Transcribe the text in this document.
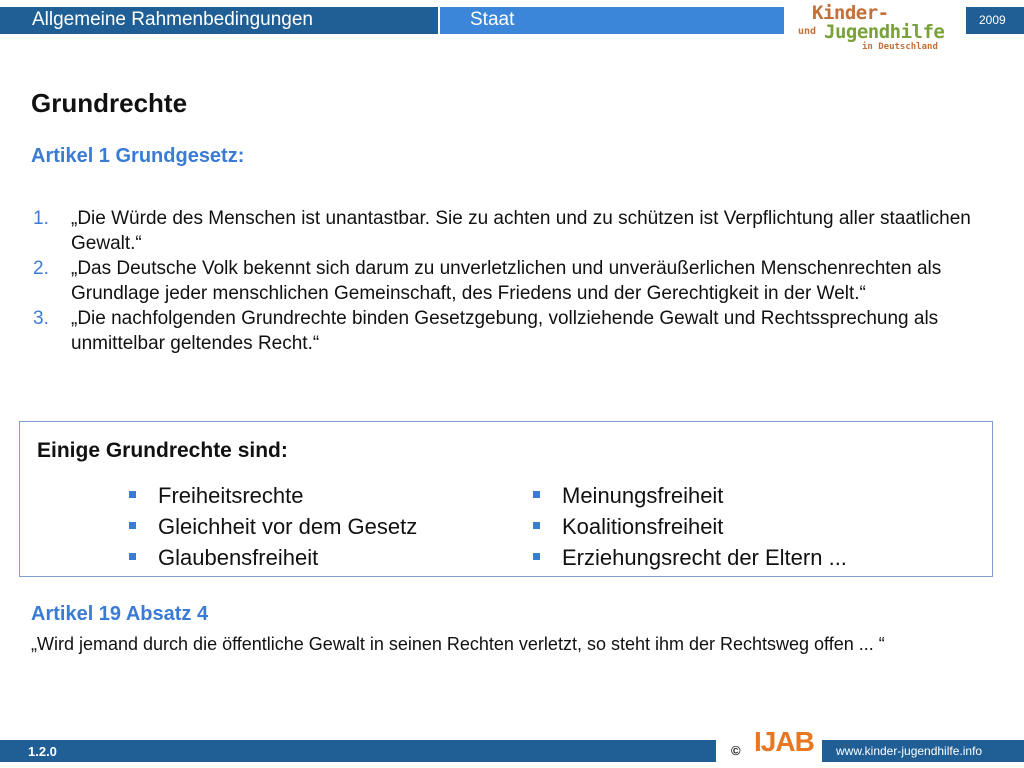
Allgemeine Rahmenbedingungen	Staat	Kinder-
und Jugendhilfe
in Deutschland
2009
Grundrechte
Artikel 1 Grundgesetz:
1. „Die Würde des Menschen ist unantastbar. Sie zu achten und zu schützen ist Verpflichtung aller staatlichen Gewalt.“
2. „Das Deutsche Volk bekennt sich darum zu unverletzlichen und unveräußerlichen Menschenrechten als Grundlage jeder menschlichen Gemeinschaft, des Friedens und der Gerechtigkeit in der Welt.“
3. „Die nachfolgenden Grundrechte binden Gesetzgebung, vollziehende Gewalt und Rechtssprechung als unmittelbar geltendes Recht.“
Einige Grundrechte sind:
Freiheitsrechte
Gleichheit vor dem Gesetz
Glaubensfreiheit
Meinungsfreiheit
Koalitionsfreiheit
Erziehungsrecht der Eltern ...
Artikel 19 Absatz 4
„Wird jemand durch die öffentliche Gewalt in seinen Rechten verletzt, so steht ihm der Rechtsweg offen ... “
1.2.0	© IJAB www.kinder-jugendhilfe.info
